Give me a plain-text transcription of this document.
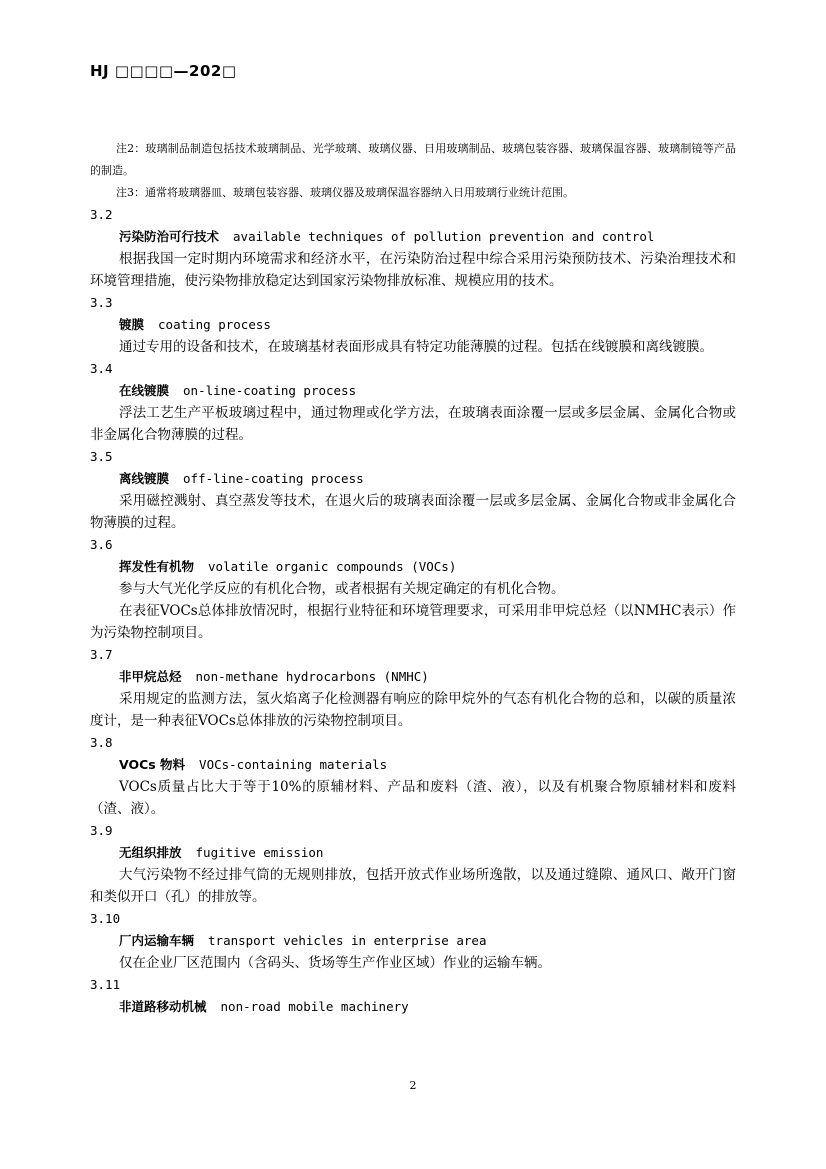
HJ □□□□—202□

注2：玻璃制品制造包括技术玻璃制品、光学玻璃、玻璃仪器、日用玻璃制品、玻璃包装容器、玻璃保温容器、玻璃制镜等产品的制造。

注3：通常将玻璃器皿、玻璃包装容器、玻璃仪器及玻璃保温容器纳入日用玻璃行业统计范围。

3.2

污染防治可行技术 available techniques of pollution prevention and control

根据我国一定时期内环境需求和经济水平，在污染防治过程中综合采用污染预防技术、污染治理技术和环境管理措施，使污染物排放稳定达到国家污染物排放标准、规模应用的技术。

3.3

镀膜 coating process

通过专用的设备和技术，在玻璃基材表面形成具有特定功能薄膜的过程。包括在线镀膜和离线镀膜。

3.4

在线镀膜 on-line-coating process

浮法工艺生产平板玻璃过程中，通过物理或化学方法，在玻璃表面涂覆一层或多层金属、金属化合物或非金属化合物薄膜的过程。

3.5

离线镀膜 off-line-coating process

采用磁控溅射、真空蒸发等技术，在退火后的玻璃表面涂覆一层或多层金属、金属化合物或非金属化合物薄膜的过程。

3.6

挥发性有机物 volatile organic compounds (VOCs)

参与大气光化学反应的有机化合物，或者根据有关规定确定的有机化合物。

在表征VOCs总体排放情况时，根据行业特征和环境管理要求，可采用非甲烷总烃（以NMHC表示）作为污染物控制项目。

3.7

非甲烷总烃 non-methane hydrocarbons (NMHC)

采用规定的监测方法，氢火焰离子化检测器有响应的除甲烷外的气态有机化合物的总和，以碳的质量浓度计，是一种表征VOCs总体排放的污染物控制项目。

3.8

VOCs 物料 VOCs-containing materials

VOCs质量占比大于等于10%的原辅材料、产品和废料（渣、液），以及有机聚合物原辅材料和废料（渣、液）。

3.9

无组织排放 fugitive emission

大气污染物不经过排气筒的无规则排放，包括开放式作业场所逸散，以及通过缝隙、通风口、敞开门窗和类似开口（孔）的排放等。

3.10

厂内运输车辆 transport vehicles in enterprise area

仅在企业厂区范围内（含码头、货场等生产作业区域）作业的运输车辆。

3.11

非道路移动机械 non-road mobile machinery

2
